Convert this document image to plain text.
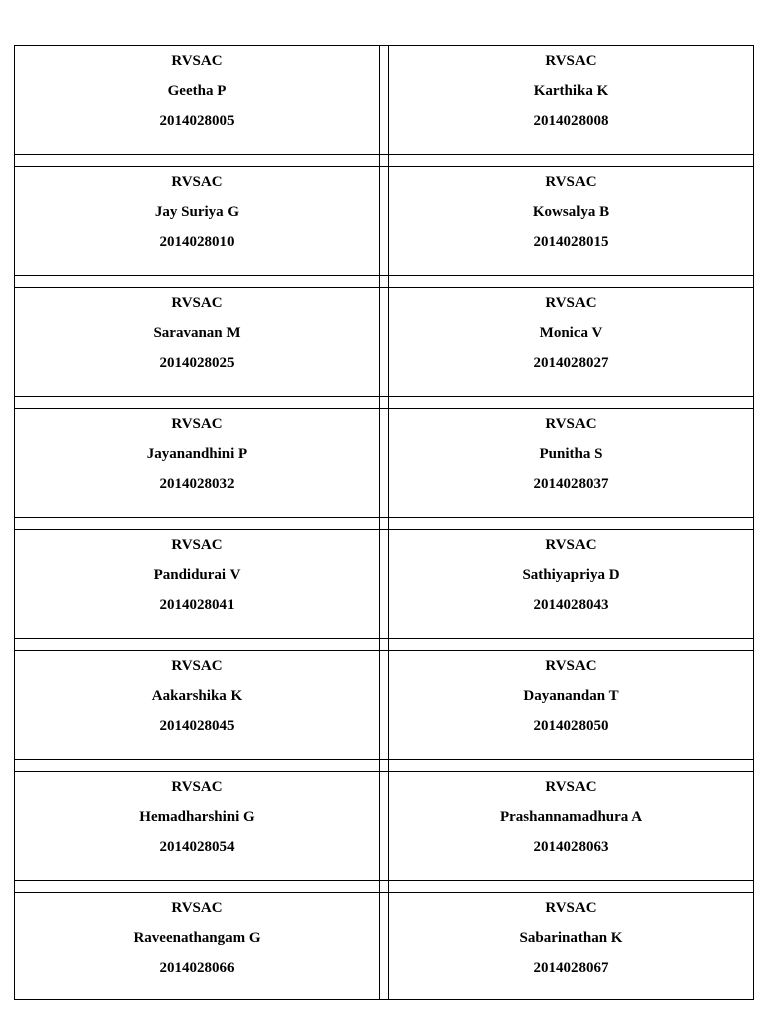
RVSAC
Geetha P
2014028005		RVSAC
Karthika K
2014028008

RVSAC
Jay Suriya G
2014028010		RVSAC
Kowsalya B
2014028015

RVSAC
Saravanan M
2014028025		RVSAC
Monica V
2014028027

RVSAC
Jayanandhini P
2014028032		RVSAC
Punitha S
2014028037

RVSAC
Pandidurai V
2014028041		RVSAC
Sathiyapriya D
2014028043

RVSAC
Aakarshika K
2014028045		RVSAC
Dayanandan T
2014028050

RVSAC
Hemadharshini G
2014028054		RVSAC
Prashannamadhura A
2014028063

RVSAC
Raveenathangam G
2014028066		RVSAC
Sabarinathan K
2014028067
